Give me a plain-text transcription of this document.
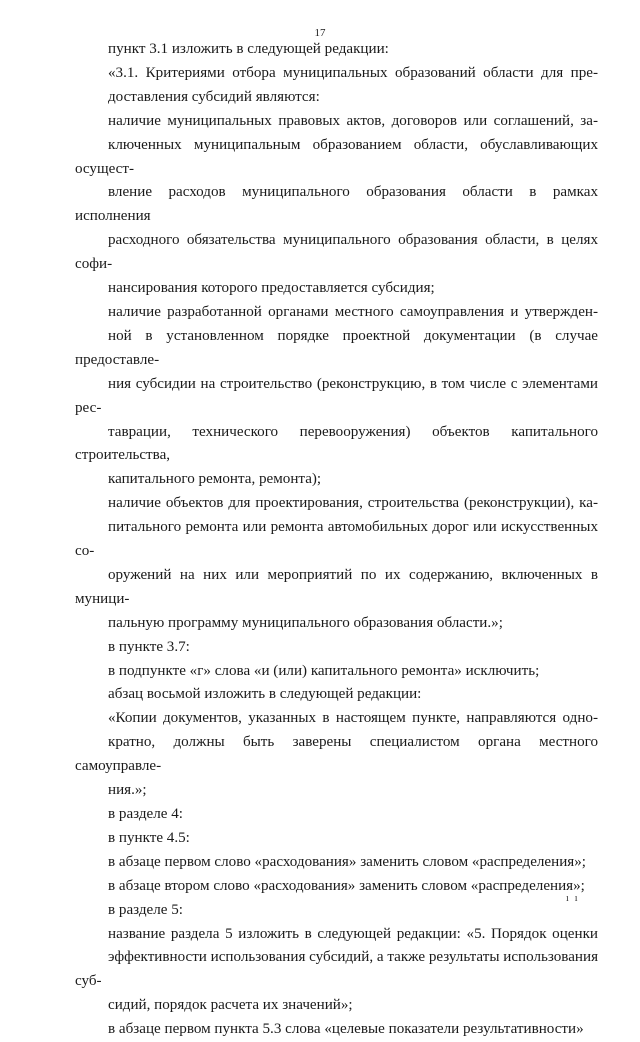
17
пункт 3.1 изложить в следующей редакции:
«3.1. Критериями отбора муниципальных образований области для пре-
доставления субсидий являются:
наличие муниципальных правовых актов, договоров или соглашений, за-
ключенных муниципальным образованием области, обуславливающих осущест-
вление расходов муниципального образования области в рамках исполнения
расходного обязательства муниципального образования области, в целях софи-
нансирования которого предоставляется субсидия;
наличие разработанной органами местного самоуправления и утвержден-
ной в установленном порядке проектной документации (в случае предоставле-
ния субсидии на строительство (реконструкцию, в том числе с элементами рес-
таврации, технического перевооружения) объектов капитального строительства,
капитального ремонта, ремонта);
наличие объектов для проектирования, строительства (реконструкции), ка-
питального ремонта или ремонта автомобильных дорог или искусственных со-
оружений на них или мероприятий по их содержанию, включенных в муници-
пальную программу муниципального образования области.»;
в пункте 3.7:
в подпункте «г» слова «и (или) капитального ремонта» исключить;
абзац восьмой изложить в следующей редакции:
«Копии документов, указанных в настоящем пункте, направляются одно-
кратно, должны быть заверены специалистом органа местного самоуправле-
ния.»;
в разделе 4:
в пункте 4.5:
в абзаце первом слово «расходования» заменить словом «распределения»;
в абзаце втором слово «расходования» заменить словом «распределения»;
в разделе 5:
название раздела 5 изложить в следующей редакции: «5. Порядок оценки
эффективности использования субсидий, а также результаты использования суб-
сидий, порядок расчета их значений»;
в абзаце первом пункта 5.3 слова «целевые показатели результативности»
ıı
